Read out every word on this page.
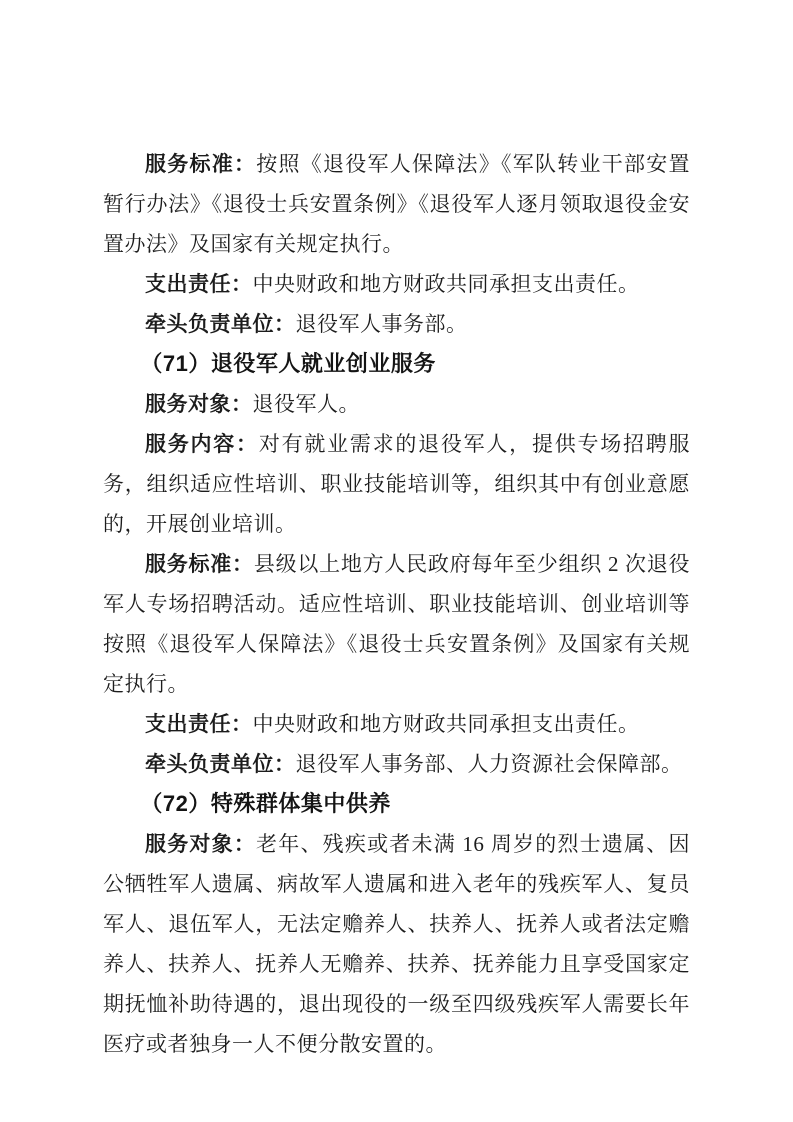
服务标准：按照《退役军人保障法》《军队转业干部安置暂行办法》《退役士兵安置条例》《退役军人逐月领取退役金安置办法》及国家有关规定执行。

支出责任：中央财政和地方财政共同承担支出责任。

牵头负责单位：退役军人事务部。

（71）退役军人就业创业服务

服务对象：退役军人。

服务内容：对有就业需求的退役军人，提供专场招聘服务，组织适应性培训、职业技能培训等，组织其中有创业意愿的，开展创业培训。

服务标准：县级以上地方人民政府每年至少组织 2 次退役军人专场招聘活动。适应性培训、职业技能培训、创业培训等按照《退役军人保障法》《退役士兵安置条例》及国家有关规定执行。

支出责任：中央财政和地方财政共同承担支出责任。

牵头负责单位：退役军人事务部、人力资源社会保障部。

（72）特殊群体集中供养

服务对象：老年、残疾或者未满 16 周岁的烈士遗属、因公牺牲军人遗属、病故军人遗属和进入老年的残疾军人、复员军人、退伍军人，无法定赡养人、扶养人、抚养人或者法定赡养人、扶养人、抚养人无赡养、扶养、抚养能力且享受国家定期抚恤补助待遇的，退出现役的一级至四级残疾军人需要长年医疗或者独身一人不便分散安置的。
